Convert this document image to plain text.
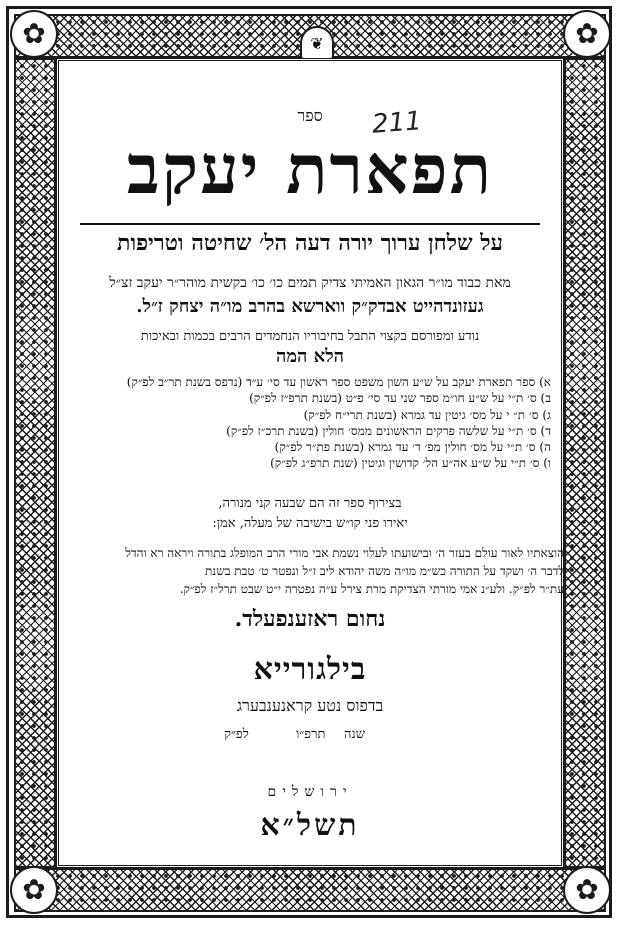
✿	✿
✿	✿
❦
ספר	211
תפארת יעקב
על שלחן ערוך יורה דעה הל׳ שחיטה וטריפות
מאת כבוד מו״ר הגאון האמיתי צדיק תמים כו׳ כו׳ בקשית מוהר״ר יעקב זצ״ל
געזונדהייט אבדק״ק ווארשא בהרב מו״ה יצחק ז״ל.
נודע ומפורסם בקצוי התבל בחיבוריו הנחמדים הרבים בכמות ובאיכות
הלא המה
א) ספר תפארת יעקב על ש״ע השון משפט ספר ראשון עד סי׳ ע״ד (נדפס בשנת תר״ב לפ״ק)
ב) ס׳ ת״י על ש״ע חו״מ ספר שני עד סי׳ פ״ט (בשנת תרפ״ז לפ״ק)
ג) ס׳ ת״ י על מס׳ גיטין עד גמרא (בשנת תרי״ח לפ״ק)
ד) ס׳ ת״י על שלשה פרקים הראשונים ממס׳ חולין (בשנת תרכ״ז לפ״ק)
ה) ס׳ ת״י על מס׳ חולין מפ׳ ד׳ עד גמרא (בשנת פת״ר לפ״ק)
ו) ס׳ ת״י על ש״ע אה״ע הל׳ קדושין וגיטין (שנת תרפ״ג לפ״ק)
בצירוף ספר זה הם שבעה קני מנורה,
יאירו פני קו״ש בישיבה של מעלה, אמן:
הוצאתיו לאור עולם בעזר ה׳ ובישועתו לעלוי נשמת אבי מורי הרב המופלג בתורה ויראה רא והדל
לדבר ה׳ ושקד על התורה כש״מ מו״ה משה יהודא ליב ז״ל ונפטר ט׳ טבת בשנת
עת״ר לפ״ק. ולע״נ אמי מורתי הצדיקת מרת צירל ע״ה נפטרה י״ט שבט תרל״ז לפ״ק.
נחום ראזענפעלד.
בילגורייא
בדפוס נטע קראנענבערג
שנה
תרפ״ו
לפ״ק
ירושלים
תשל״א
